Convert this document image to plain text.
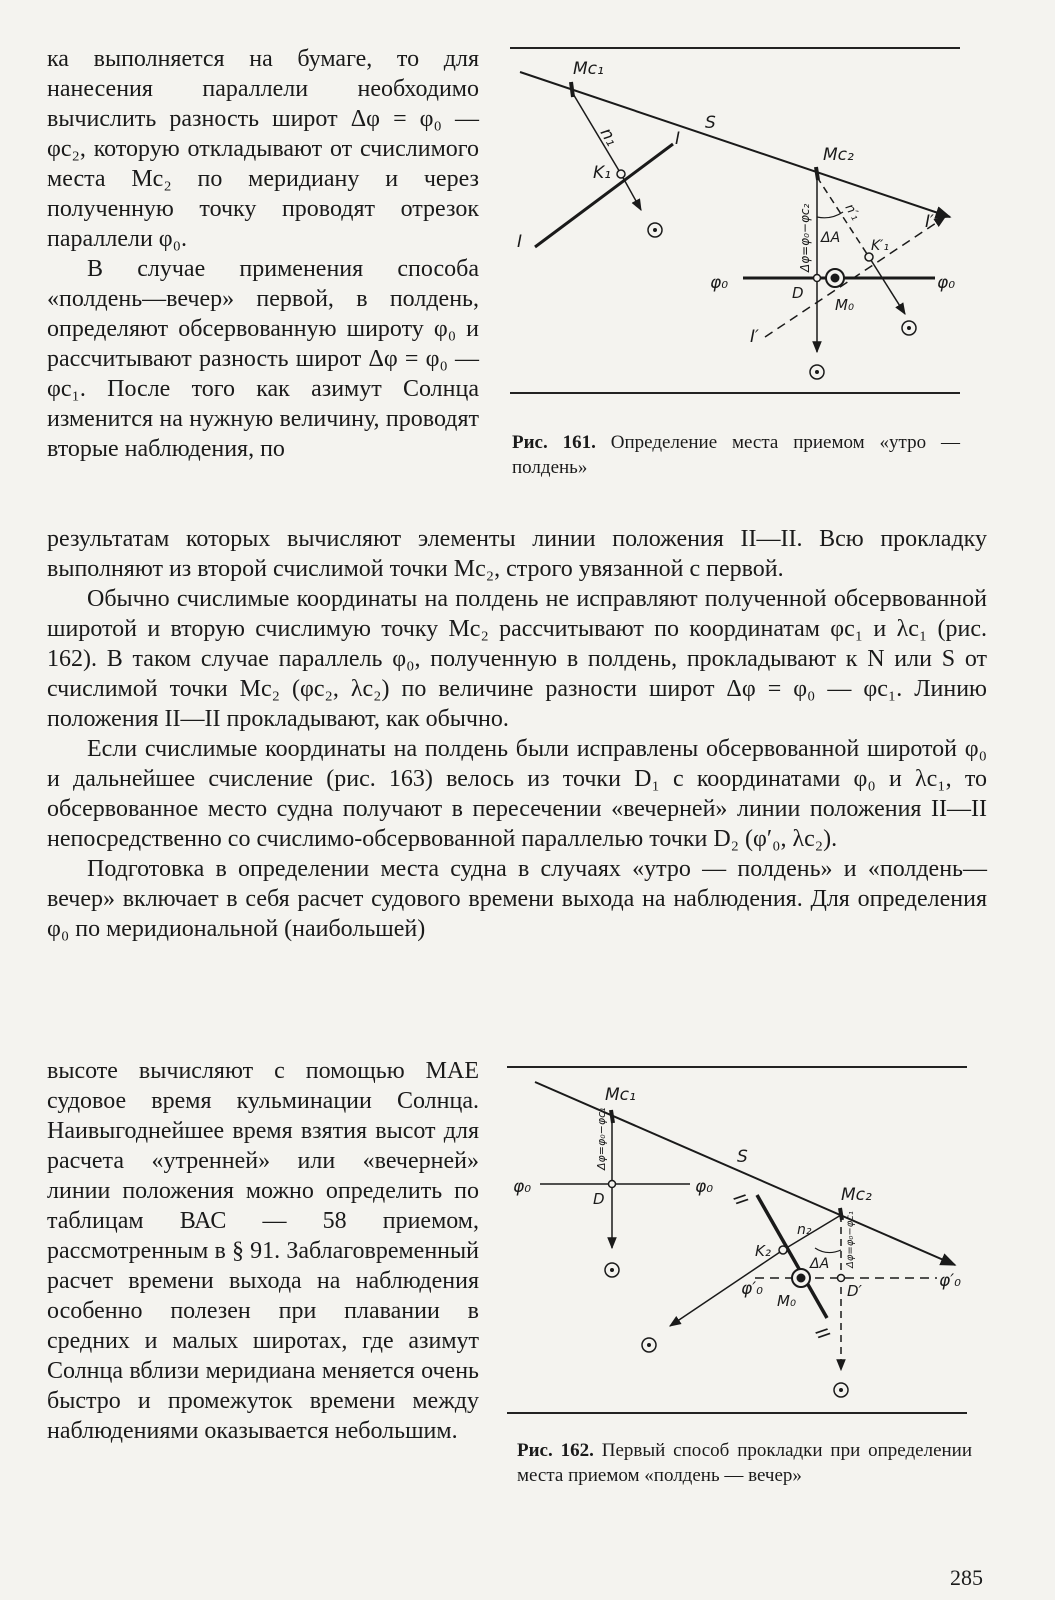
ка выполняется на бумаге, то для нанесения параллели необходимо вычислить разность широт Δφ = φ₀ — φc₂, которую откладывают от счислимого места Mc₂ по меридиану и через полученную точку проводят отрезок параллели φ₀.

В случае применения способа «полдень—вечер» первой, в полдень, определяют обсервованную широту φ₀ и рассчитывают разность широт Δφ = φ₀ — φc₁. После того как азимут Солнца изменится на нужную величину, проводят вторые наблюдения, по

результатам которых вычисляют элементы линии положения II—II. Всю прокладку выполняют из второй счислимой точки Mc₂, строго увязанной с первой.

Обычно счислимые координаты на полдень не исправляют полученной обсервованной широтой и вторую счислимую точку Mc₂ рассчитывают по координатам φc₁ и λc₁ (рис. 162). В таком случае параллель φ₀, полученную в полдень, прокладывают к N или S от счислимой точки Mc₂ (φc₂, λc₂) по величине разности широт Δφ = φ₀ — φc₁. Линию положения II—II прокладывают, как обычно.

Если счислимые координаты на полдень были исправлены обсервованной широтой φ₀ и дальнейшее счисление (рис. 163) велось из точки D₁ с координатами φ₀ и λc₁, то обсервованное место судна получают в пересечении «вечерней» линии положения II—II непосредственно со счислимо-обсервованной параллелью точки D₂ (φ′₀, λc₂).

Подготовка в определении места судна в случаях «утро — полдень» и «полдень—вечер» включает в себя расчет судового времени выхода на наблюдения. Для определения φ₀ по меридиональной (наибольшей)

высоте вычисляют с помощью МАЕ судовое время кульминации Солнца. Наивыгоднейшее время взятия высот для расчета «утренней» или «вечерней» линии положения можно определить по таблицам ВАС — 58 приемом, рассмотренным в § 91. Заблаговременный расчет времени выхода на наблюдения особенно полезен при плавании в средних и малых широтах, где азимут Солнца вблизи меридиана меняется очень быстро и промежуток времени между наблюдениями оказывается небольшим.

Mc₁
S
Mc₂
K₁
n₁	I
I
I′
I′
φ₀	φ₀
D
M₀
ΔA K′₁
n′₁
Δφ=φ₀−φc₂
Рис. 161. Определение места приемом «утро — полдень»
Mc₁
S
Mc₂
φ₀	φ₀
D	II
II
K₂
n₂
ΔA
φ′₀	φ′₀
M₀
D′
Δφ=φ₀−φc₁
Δφ=φ₀−φc₁
Рис. 162. Первый способ прокладки при определении места приемом «полдень — вечер»
285
